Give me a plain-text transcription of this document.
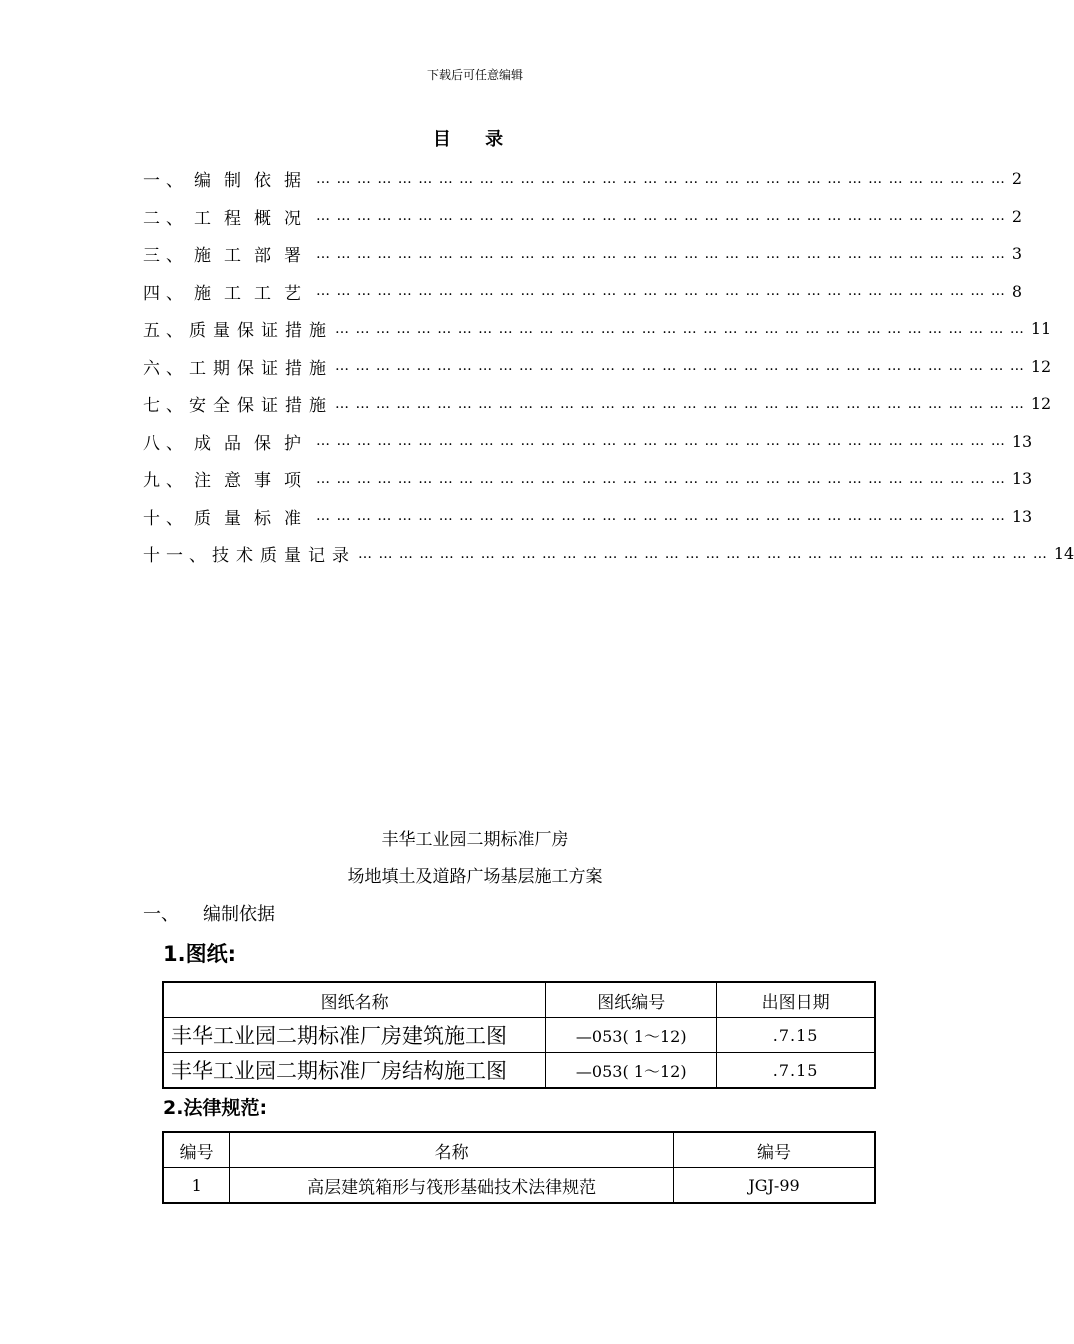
下载后可任意编辑
目 录
一、 编制依据 … … … … … … … … … … … … … … … … … … … … … … … … … … … … … … … … … … 2
二、 工程概况 … … … … … … … … … … … … … … … … … … … … … … … … … … … … … … … … … … 2
三、 施工部署 … … … … … … … … … … … … … … … … … … … … … … … … … … … … … … … … … … 3
四、 施工工艺 … … … … … … … … … … … … … … … … … … … … … … … … … … … … … … … … … … 8
五、 质量保证措施 … … … … … … … … … … … … … … … … … … … … … … … … … … … … … … … … … … 11
六、 工期保证措施 … … … … … … … … … … … … … … … … … … … … … … … … … … … … … … … … … … 12
七、 安全保证措施 … … … … … … … … … … … … … … … … … … … … … … … … … … … … … … … … … … 12
八、 成品保护 … … … … … … … … … … … … … … … … … … … … … … … … … … … … … … … … … … 13
九、 注意事项 … … … … … … … … … … … … … … … … … … … … … … … … … … … … … … … … … … 13
十、 质量标准 … … … … … … … … … … … … … … … … … … … … … … … … … … … … … … … … … … 13
十一、 技术质量记录 … … … … … … … … … … … … … … … … … … … … … … … … … … … … … … … … … … 14
丰华工业园二期标准厂房
场地填土及道路广场基层施工方案
一、	编制依据
1.图纸:
图纸名称	图纸编号	出图日期
丰华工业园二期标准厂房建筑施工图	—053( 1～12)	.7.15
丰华工业园二期标准厂房结构施工图	—053( 1～12)	.7.15
2.法律规范:
编号	名称	编号
1	高层建筑箱形与筏形基础技术法律规范	JGJ-99
